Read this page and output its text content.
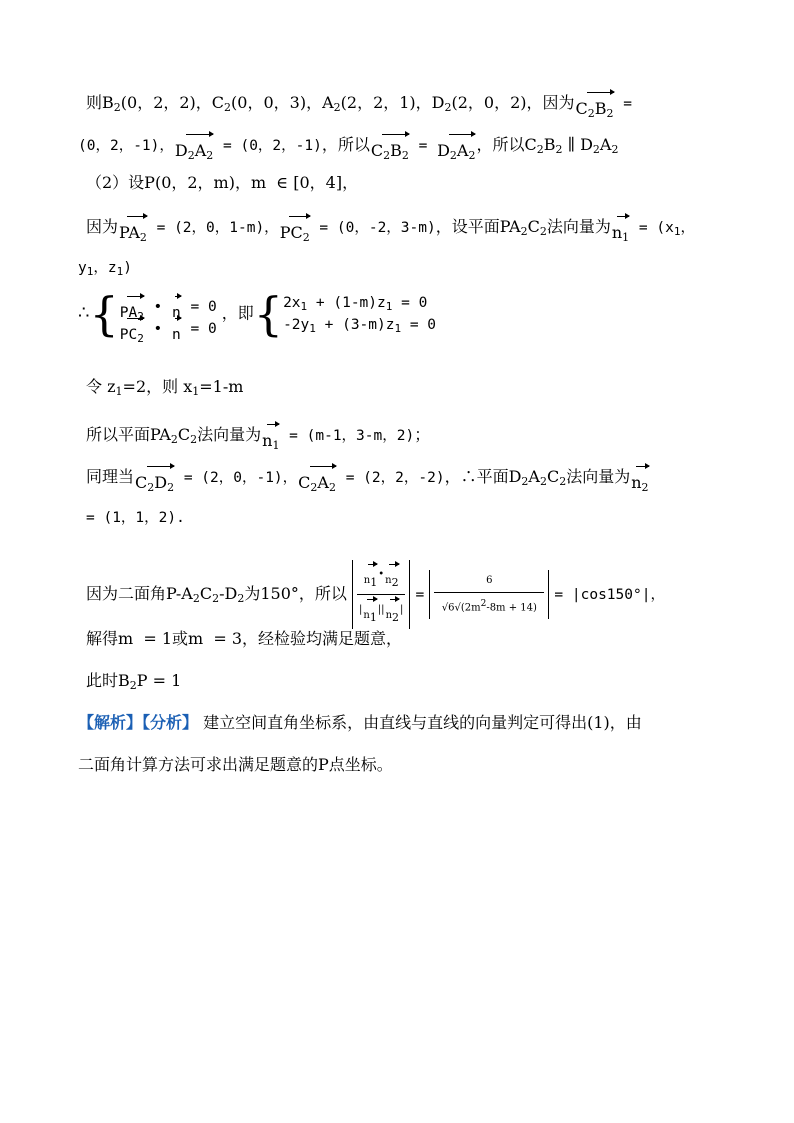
则$B_2(0$，2，2)，$C_2(0$，0，3)，$A_2(2$，2，1)，$D_2(2$，0，2)，因为$C_2B_2$ =
(0，2，-1)，$D_2A_2 = (0$，2，-1)，所以$C_2B_2 = D_2A_2$，所以$C_2B_2$ ∥ $D_2A_2$
（2）设P(0，2，m)，m  ∈ [0，4]，
因为$PA_2 = (2$，0，1-m)，$PC_2 = (0$，-2，3-m)，设平面$PA_2C_2$法向量为$n_1 = (x_1$，
$y_1$，$z_1$)
∴{ $PA_2$ • n = 0
$PC_2$ • n = 0
，即{ $2x_1 + (1-m)z_1 = 0$
$-2y_1 + (3-m)z_1 = 0$
令 $z_1=2$，则 $x_1=1-m$
所以平面$PA_2C_2$法向量为$n_1 = (m-1$，3-m，2)；
同理当$C_2D_2 = (2$，0，-1)，$C_2A_2 = (2$，2，-2)，∴平面$D_2A_2C_2$法向量为$n_2$
= (1，1，2).
因为二面角$P-A_2C_2-D_2$为150°，所以 $\frac{n_1•n_2}{|n_1||n_2|} = \frac{6}{√6√(2m^2-8m + 14)} = |\cos 150^\circ|$，
解得m  = 1或m  = 3，经检验均满足题意，
此时$B_2P = 1$
【解析】【分析】 建立空间直角坐标系，由直线与直线的向量判定可得出(1)，由
二面角计算方法可求出满足题意的P点坐标。
